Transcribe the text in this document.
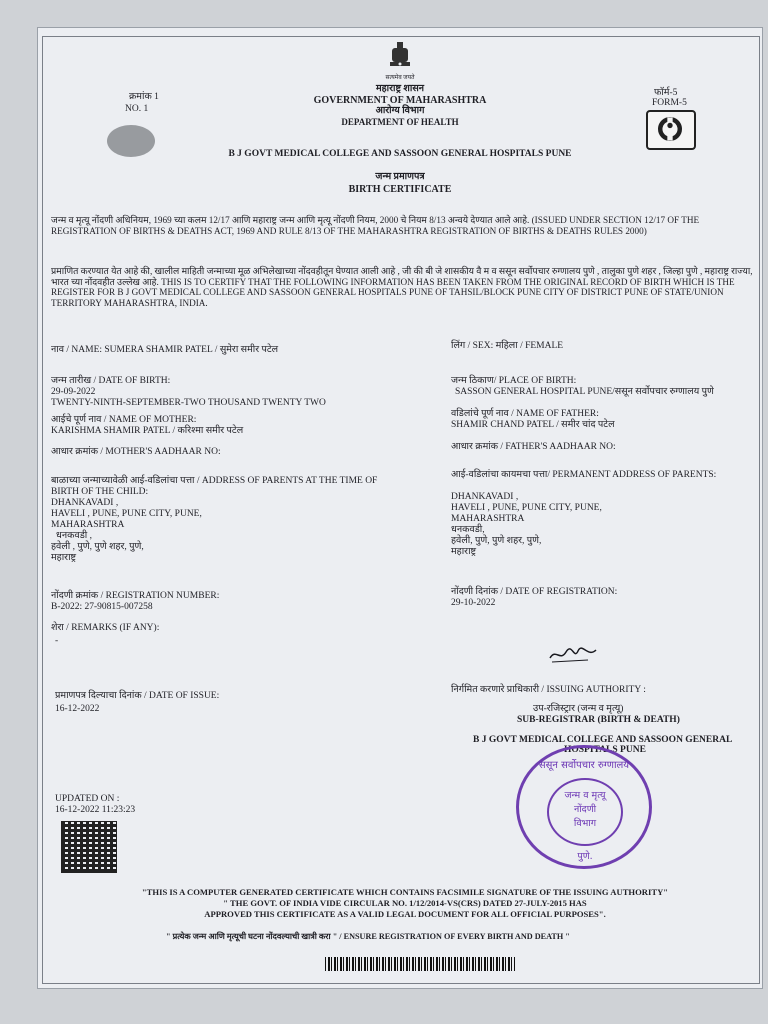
सत्यमेव जयते
महाराष्ट्र शासन
GOVERNMENT OF MAHARASHTRA
आरोग्य विभाग
DEPARTMENT OF HEALTH
क्रमांक 1
NO. 1
फॉर्म-5
FORM-5
B J GOVT MEDICAL COLLEGE AND SASSOON GENERAL HOSPITALS PUNE
जन्म प्रमाणपत्र
BIRTH CERTIFICATE
जन्म व मृत्यू नोंदणी अधिनियम, 1969 च्या कलम 12/17 आणि महाराष्ट्र जन्म आणि मृत्यू नोंदणी नियम, 2000 चे नियम 8/13 अन्वये देण्यात आले आहे. (ISSUED UNDER SECTION 12/17 OF THE REGISTRATION OF BIRTHS & DEATHS ACT, 1969 AND RULE 8/13 OF THE MAHARASHTRA REGISTRATION OF BIRTHS & DEATHS RULES 2000)
प्रमाणित करण्यात येत आहे की, खालील माहिती जन्माच्या मूळ अभिलेखाच्या नोंदवहीतून घेण्यात आली आहे , जी की बी जे शासकीय वै म व ससून सर्वोपचार रुग्णालय पुणे , तालुका पुणे शहर , जिल्हा पुणे , महाराष्ट्र राज्या, भारत च्या नोंदवहीत उल्लेख आहे. THIS IS TO CERTIFY THAT THE FOLLOWING INFORMATION HAS BEEN TAKEN FROM THE ORIGINAL RECORD OF BIRTH WHICH IS THE REGISTER FOR B J GOVT MEDICAL COLLEGE AND SASSOON GENERAL HOSPITALS PUNE OF TAHSIL/BLOCK PUNE CITY OF DISTRICT PUNE OF STATE/UNION TERRITORY MAHARASHTRA, INDIA.
नाव / NAME: SUMERA SHAMIR PATEL / सुमेरा समीर पटेल	लिंग / SEX: महिला / FEMALE
जन्म तारीख / DATE OF BIRTH:
29-09-2022
TWENTY-NINTH-SEPTEMBER-TWO THOUSAND TWENTY TWO
जन्म ठिकाण/ PLACE OF BIRTH:
SASSON GENERAL HOSPITAL PUNE/ससून सर्वोपचार रुग्णालय पुणे
आईचे पूर्ण नाव / NAME OF MOTHER:
KARISHMA SHAMIR PATEL / करिश्मा समीर पटेल
वडिलांचे पूर्ण नाव / NAME OF FATHER:
SHAMIR CHAND PATEL / समीर चांद पटेल
आधार क्रमांक / MOTHER'S AADHAAR NO:	आधार क्रमांक / FATHER'S AADHAAR NO:
बाळाच्या जन्माच्यावेळी आई-वडिलांचा पत्ता / ADDRESS OF PARENTS AT THE TIME OF
BIRTH OF THE CHILD:
DHANKAVADI ,
HAVELI , PUNE, PUNE CITY, PUNE,
MAHARASHTRA
धनकवडी ,
हवेली , पुणे, पुणे शहर, पुणे,
महाराष्ट्र
आई-वडिलांचा कायमचा पत्ता/ PERMANENT ADDRESS OF PARENTS:
DHANKAVADI ,
HAVELI , PUNE, PUNE CITY, PUNE,
MAHARASHTRA
धनकवडी,
हवेली, पुणे, पुणे शहर, पुणे,
महाराष्ट्र
नोंदणी क्रमांक / REGISTRATION NUMBER:
B-2022: 27-90815-007258
नोंदणी दिनांक / DATE OF REGISTRATION:
29-10-2022
शेरा / REMARKS (IF ANY):
-
प्रमाणपत्र दिल्याचा दिनांक / DATE OF ISSUE:
16-12-2022
निर्गमित करणारे प्राधिकारी / ISSUING AUTHORITY :
उप-रजिस्ट्रार (जन्म व मृत्यू)
SUB-REGISTRAR (BIRTH & DEATH)
B J GOVT MEDICAL COLLEGE AND SASSOON GENERAL
HOSPITALS PUNE
UPDATED ON :
16-12-2022 11:23:23
ससून सर्वोपचार रुग्णालय
जन्म व मृत्यू
नोंदणी
विभाग
पुणे.
"THIS IS A COMPUTER GENERATED CERTIFICATE WHICH CONTAINS FACSIMILE SIGNATURE OF THE ISSUING AUTHORITY"
" THE GOVT. OF INDIA VIDE CIRCULAR NO. 1/12/2014-VS(CRS) DATED 27-JULY-2015 HAS
APPROVED THIS CERTIFICATE AS A VALID LEGAL DOCUMENT FOR ALL OFFICIAL PURPOSES".
" प्रत्येक जन्म आणि मृत्यूची घटना नोंदवल्याची खात्री करा " / ENSURE REGISTRATION OF EVERY BIRTH AND DEATH "
